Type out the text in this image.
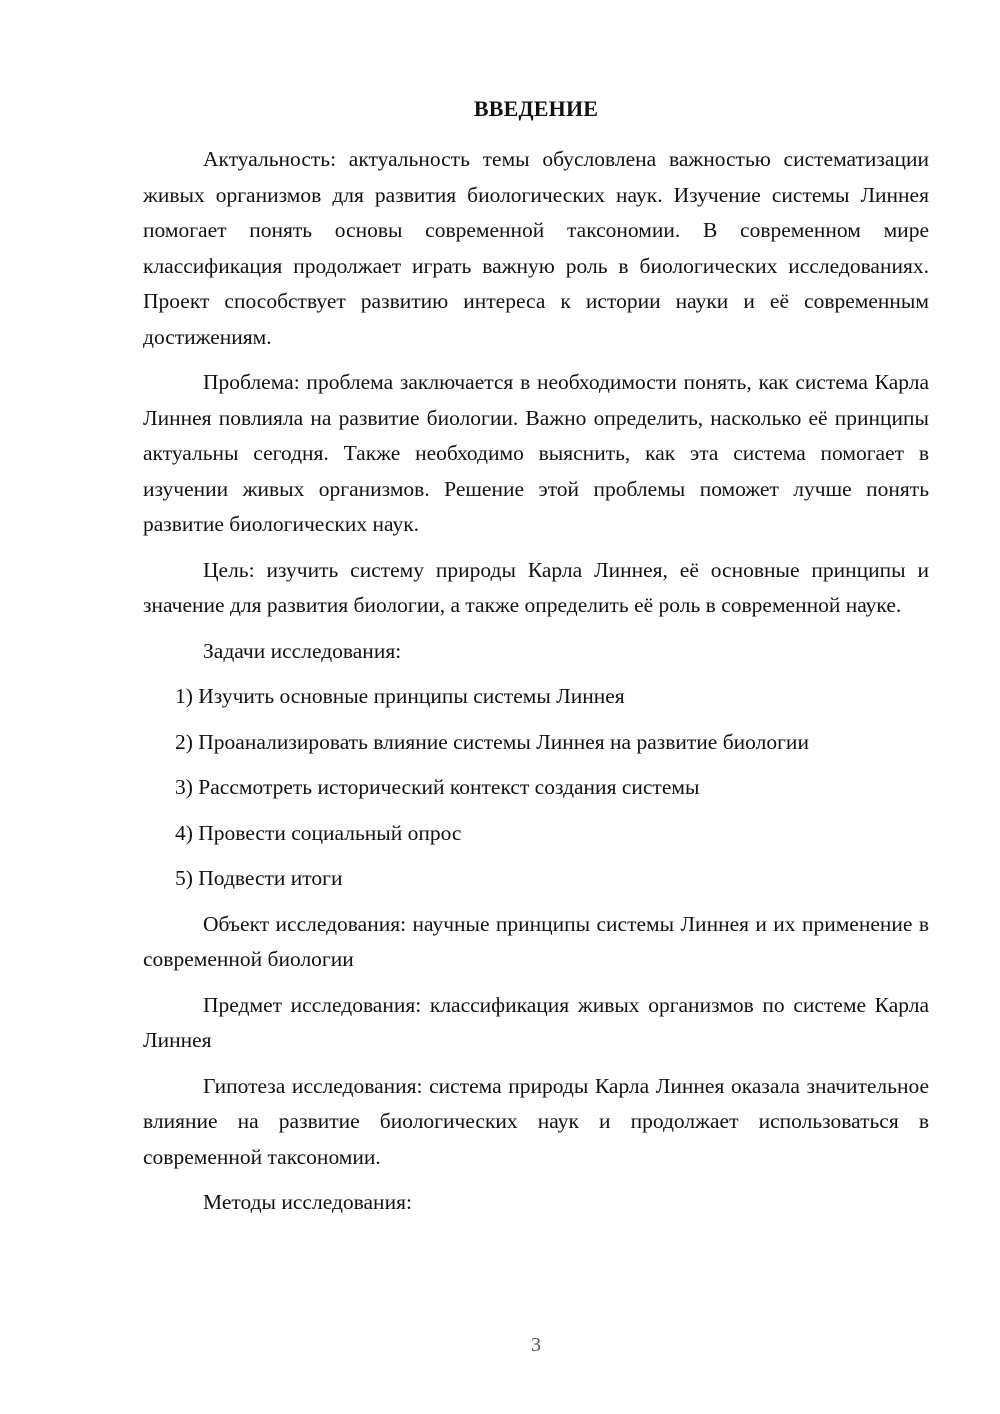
ВВЕДЕНИЕ

Актуальность: актуальность темы обусловлена важностью систематизации живых организмов для развития биологических наук. Изучение системы Линнея помогает понять основы современной таксономии. В современном мире классификация продолжает играть важную роль в биологических исследованиях. Проект способствует развитию интереса к истории науки и её современным достижениям.

Проблема: проблема заключается в необходимости понять, как система Карла Линнея повлияла на развитие биологии. Важно определить, насколько её принципы актуальны сегодня. Также необходимо выяснить, как эта система помогает в изучении живых организмов. Решение этой проблемы поможет лучше понять развитие биологических наук.

Цель: изучить систему природы Карла Линнея, её основные принципы и значение для развития биологии, а также определить её роль в современной науке.

Задачи исследования:

1) Изучить основные принципы системы Линнея
2) Проанализировать влияние системы Линнея на развитие биологии
3) Рассмотреть исторический контекст создания системы
4) Провести социальный опрос
5) Подвести итоги

Объект исследования: научные принципы системы Линнея и их применение в современной биологии

Предмет исследования: классификация живых организмов по системе Карла Линнея

Гипотеза исследования: система природы Карла Линнея оказала значительное влияние на развитие биологических наук и продолжает использоваться в современной таксономии.

Методы исследования:

3
